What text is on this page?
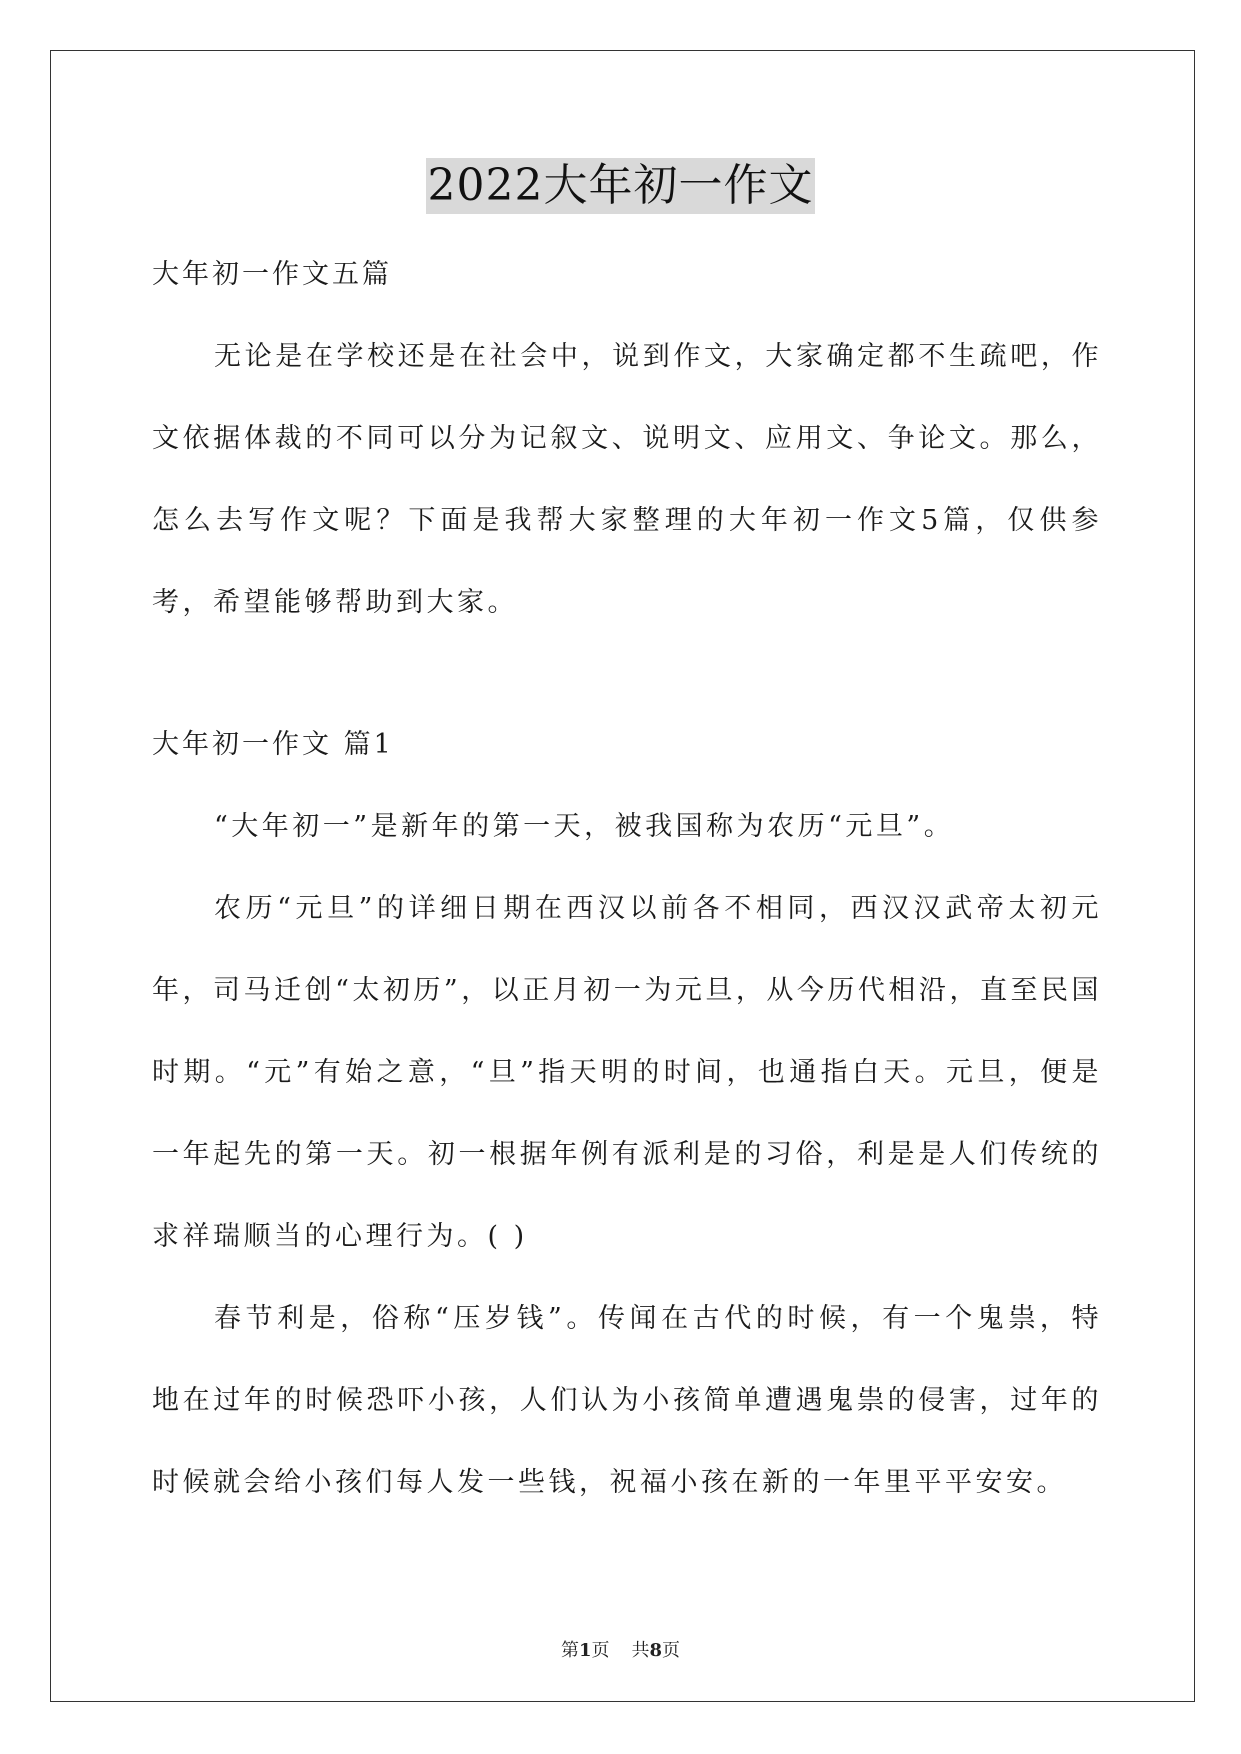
2022大年初一作文

大年初一作文五篇

无论是在学校还是在社会中，说到作文，大家确定都不生疏吧，作文依据体裁的不同可以分为记叙文、说明文、应用文、争论文。那么，怎么去写作文呢？下面是我帮大家整理的大年初一作文5篇，仅供参考，希望能够帮助到大家。

大年初一作文 篇1

“大年初一”是新年的第一天，被我国称为农历“元旦”。

农历“元旦”的详细日期在西汉以前各不相同，西汉汉武帝太初元年，司马迁创“太初历”，以正月初一为元旦，从今历代相沿，直至民国时期。“元”有始之意，“旦”指天明的时间，也通指白天。元旦，便是一年起先的第一天。初一根据年例有派利是的习俗，利是是人们传统的求祥瑞顺当的心理行为。( )

春节利是，俗称“压岁钱”。传闻在古代的时候，有一个鬼祟，特地在过年的时候恐吓小孩，人们认为小孩简单遭遇鬼祟的侵害，过年的时候就会给小孩们每人发一些钱，祝福小孩在新的一年里平平安安。

第1页 共8页
